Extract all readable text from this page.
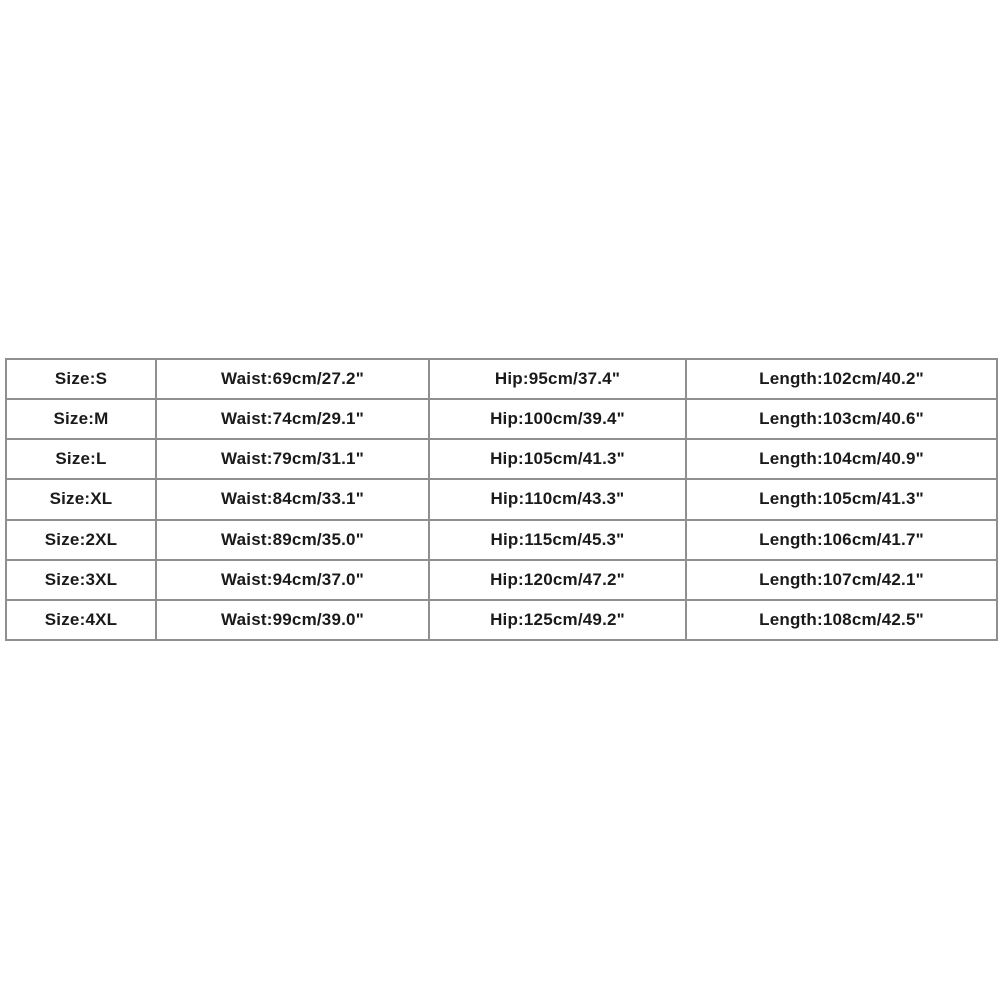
Size:S	Waist:69cm/27.2"	Hip:95cm/37.4"	Length:102cm/40.2"
Size:M	Waist:74cm/29.1"	Hip:100cm/39.4"	Length:103cm/40.6"
Size:L	Waist:79cm/31.1"	Hip:105cm/41.3"	Length:104cm/40.9"
Size:XL	Waist:84cm/33.1"	Hip:110cm/43.3"	Length:105cm/41.3"
Size:2XL	Waist:89cm/35.0"	Hip:115cm/45.3"	Length:106cm/41.7"
Size:3XL	Waist:94cm/37.0"	Hip:120cm/47.2"	Length:107cm/42.1"
Size:4XL	Waist:99cm/39.0"	Hip:125cm/49.2"	Length:108cm/42.5"
